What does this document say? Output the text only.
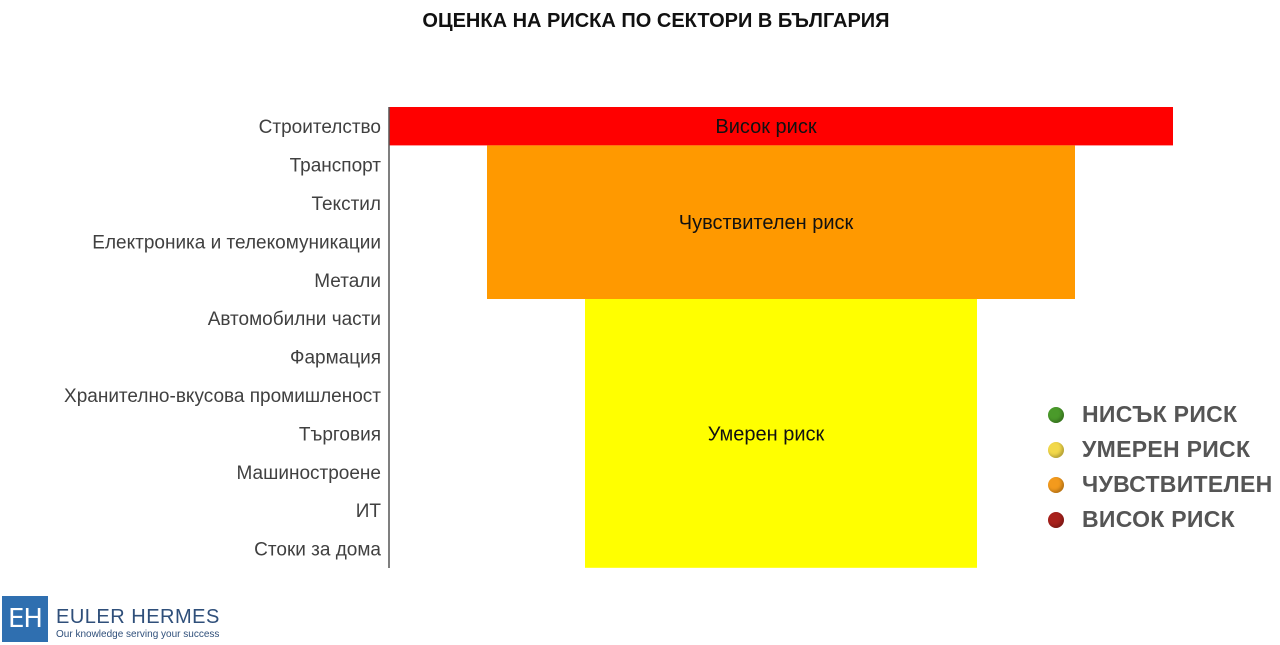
ОЦЕНКА НА РИСКА ПО СЕКТОРИ В БЪЛГАРИЯ
Висок риск
Чувствителен риск
Умерен риск
Строителство
Транспорт
Текстил
Електроника и телекомуникации
Метали
Автомобилни части
Фармация
Хранително-вкусова промишленост
Търговия
Машиностроене
ИТ
Стоки за дома
НИСЪК РИСК
УМЕРЕН РИСК
ЧУВСТВИТЕЛЕН
ВИСОК РИСК
EH EULER HERMES
Our knowledge serving your success
